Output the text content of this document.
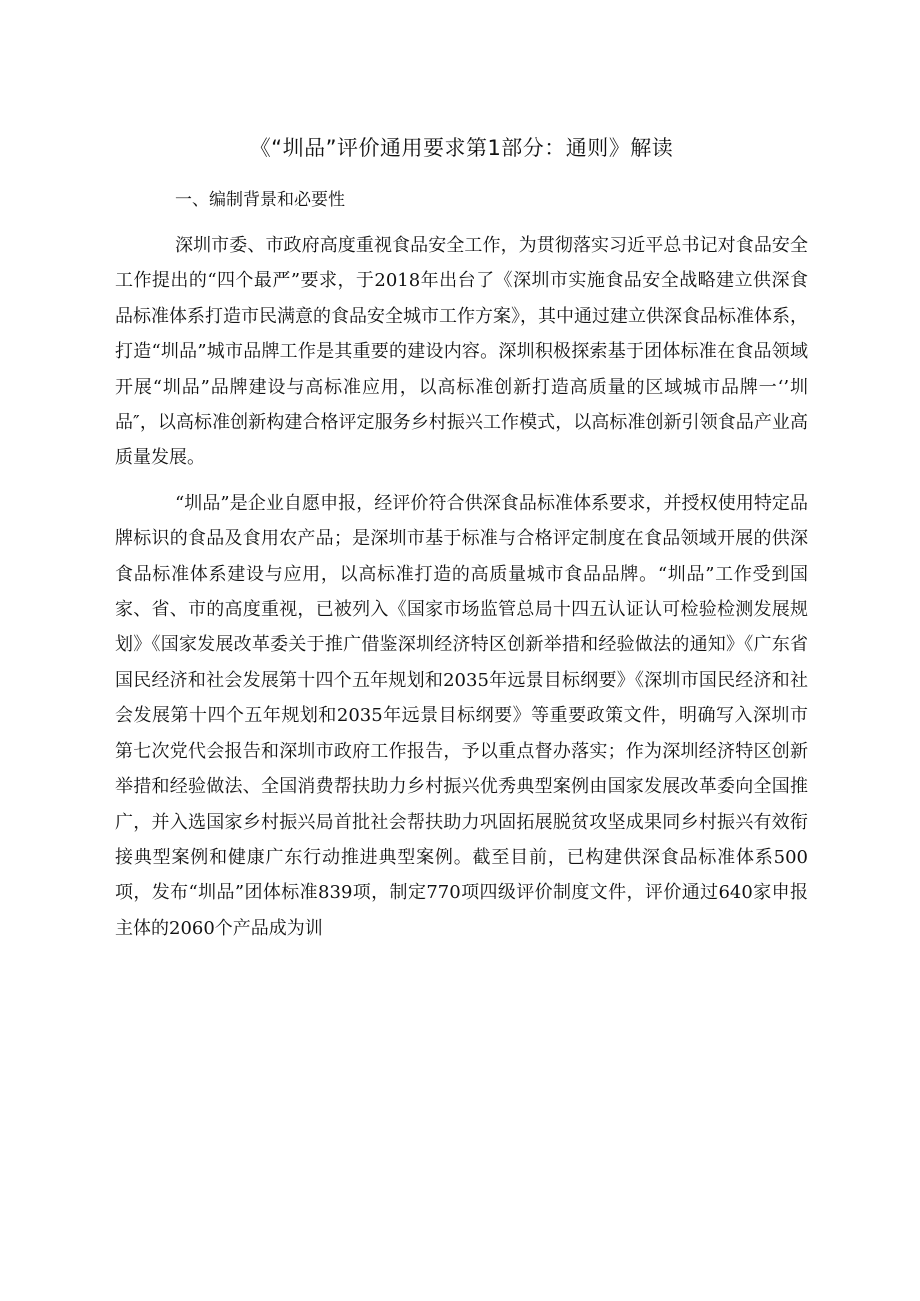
《“圳品”评价通用要求第1部分：通则》解读

一、编制背景和必要性

深圳市委、市政府高度重视食品安全工作，为贯彻落实习近平总书记对食品安全工作提出的“四个最严”要求，于2018年出台了《深圳市实施食品安全战略建立供深食品标准体系打造市民满意的食品安全城市工作方案》，其中通过建立供深食品标准体系，打造“圳品”城市品牌工作是其重要的建设内容。深圳积极探索基于团体标准在食品领域开展“圳品”品牌建设与高标准应用，以高标准创新打造高质量的区域城市品牌一‘’圳品″，以高标准创新构建合格评定服务乡村振兴工作模式，以高标准创新引领食品产业高质量发展。

“圳品”是企业自愿申报，经评价符合供深食品标准体系要求，并授权使用特定品牌标识的食品及食用农产品；是深圳市基于标准与合格评定制度在食品领域开展的供深食品标准体系建设与应用，以高标准打造的高质量城市食品品牌。“圳品”工作受到国家、省、市的高度重视，已被列入《国家市场监管总局十四五认证认可检验检测发展规划》《国家发展改革委关于推广借鉴深圳经济特区创新举措和经验做法的通知》《广东省国民经济和社会发展第十四个五年规划和2035年远景目标纲要》《深圳市国民经济和社会发展第十四个五年规划和2035年远景目标纲要》等重要政策文件，明确写入深圳市第七次党代会报告和深圳市政府工作报告，予以重点督办落实；作为深圳经济特区创新举措和经验做法、全国消费帮扶助力乡村振兴优秀典型案例由国家发展改革委向全国推广，并入选国家乡村振兴局首批社会帮扶助力巩固拓展脱贫攻坚成果同乡村振兴有效衔接典型案例和健康广东行动推进典型案例。截至目前，已构建供深食品标准体系500项，发布“圳品”团体标准839项，制定770项四级评价制度文件，评价通过640家申报主体的2060个产品成为训
